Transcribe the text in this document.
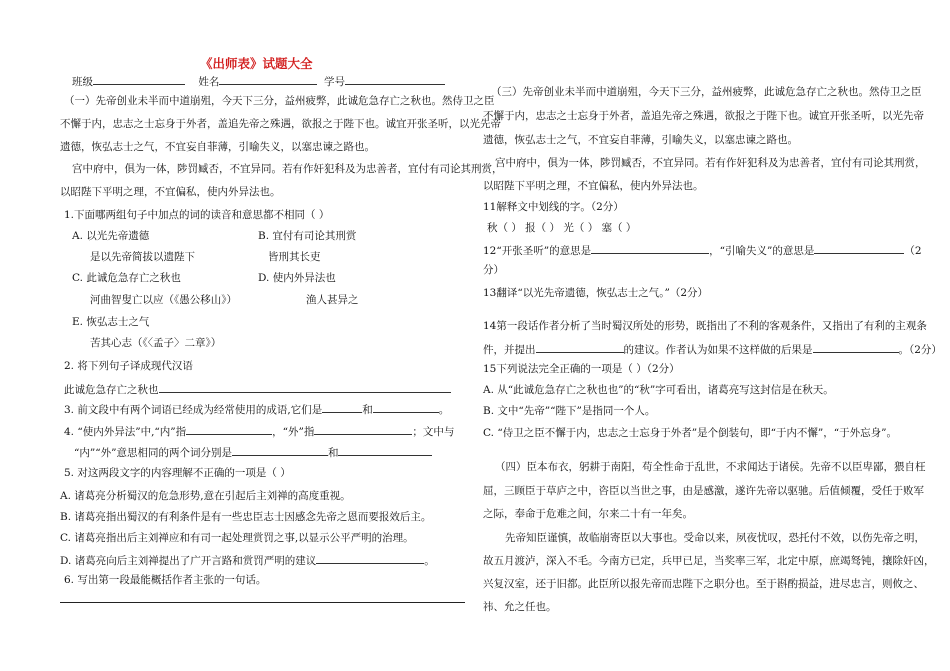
《出师表》试题大全
班级	姓名	学号
（一）先帝创业未半而中道崩殂，今天下三分，益州疲弊，此诚危急存亡之秋也。然侍卫之臣
不懈于内，忠志之士忘身于外者，盖追先帝之殊遇，欲报之于陛下也。诚宜开张圣听，以光先帝
遗德，恢弘志士之气，不宜妄自菲薄，引喻失义，以塞忠谏之路也。
宫中府中，俱为一体，陟罚臧否，不宜异同。若有作奸犯科及为忠善者，宜付有司论其刑赏，
以昭陛下平明之理，不宜偏私，使内外异法也。
1.下面哪两组句子中加点的词的读音和意思都不相同（ ）
A. 以光先帝遗德	B. 宜付有司论其刑赏
是以先帝简拔以遗陛下	皆刑其长吏
C. 此诚危急存亡之秋也	D. 使内外异法也
河曲智叟亡以应（《愚公移山》）	渔人甚异之
E. 恢弘志士之气
苦其心志（《〈孟子〉二章》）
2. 将下列句子译成现代汉语
此诚危急存亡之秋也
3. 前文段中有两个词语已经成为经常使用的成语,它们是	和	。
4. “使内外异法”中,“内”指	，“外”指	；文中与
“内”“外”意思相同的两个词分别是	和
5. 对这两段文字的内容理解不正确的一项是（ ）
A. 诸葛亮分析蜀汉的危急形势,意在引起后主刘禅的高度重视。
B. 诸葛亮指出蜀汉的有利条件是有一些忠臣志士因感念先帝之恩而要报效后主。
C. 诸葛亮指出后主刘禅应和有司一起处理赏罚之事,以显示公平严明的治理。
D. 诸葛亮向后主刘禅提出了广开言路和赏罚严明的建议	。
6. 写出第一段最能概括作者主张的一句话。
（三）先帝创业未半而中道崩殂，今天下三分，益州疲弊，此诚危急存亡之秋也。然侍卫之臣
不懈于内，忠志之士忘身于外者，盖追先帝之殊遇，欲报之于陛下也。诚宜开张圣听，以光先帝
遗德，恢弘志士之气，不宜妄自菲薄，引喻失义，以塞忠谏之路也。
宫中府中，俱为一体，陟罚臧否，不宜异同。若有作奸犯科及为忠善者，宜付有司论其刑赏，
以昭陛下平明之理，不宜偏私，使内外异法也。
11解释文中划线的字。（2分）
秋（ ） 报（ ） 光（ ） 塞（ ）
12“开张圣听”的意思是	，“引喻失义”的意思是	（2
分）
13翻译“以光先帝遗德，恢弘志士之气。”（2分）
14第一段话作者分析了当时蜀汉所处的形势，既指出了不利的客观条件，又指出了有利的主观条
件，并提出	的建议。作者认为如果不这样做的后果是	。（2分）
15下列说法完全正确的一项是（ ）（2分）
A. 从“此诚危急存亡之秋也也”的“秋”字可看出，诸葛亮写这封信是在秋天。
B. 文中“先帝”“陛下”是指同一个人。
C. “侍卫之臣不懈于内，忠志之士忘身于外者”是个倒装句，即“于内不懈”，“于外忘身”。
（四）臣本布衣，躬耕于南阳，苟全性命于乱世，不求闻达于诸侯。先帝不以臣卑鄙，猥自枉
屈，三顾臣于草庐之中，咨臣以当世之事，由是感激，遂许先帝以驱驰。后值倾覆，受任于败军
之际，奉命于危难之间，尔来二十有一年矣。
先帝知臣谨慎，故临崩寄臣以大事也。受命以来，夙夜忧叹，恐托付不效，以伤先帝之明，
故五月渡泸，深入不毛。今南方已定，兵甲已足，当奖率三军，北定中原，庶竭驽钝，攘除奸凶，
兴复汉室，还于旧都。此臣所以报先帝而忠陛下之职分也。至于斟酌损益，进尽忠言，则攸之、
祎、允之任也。
